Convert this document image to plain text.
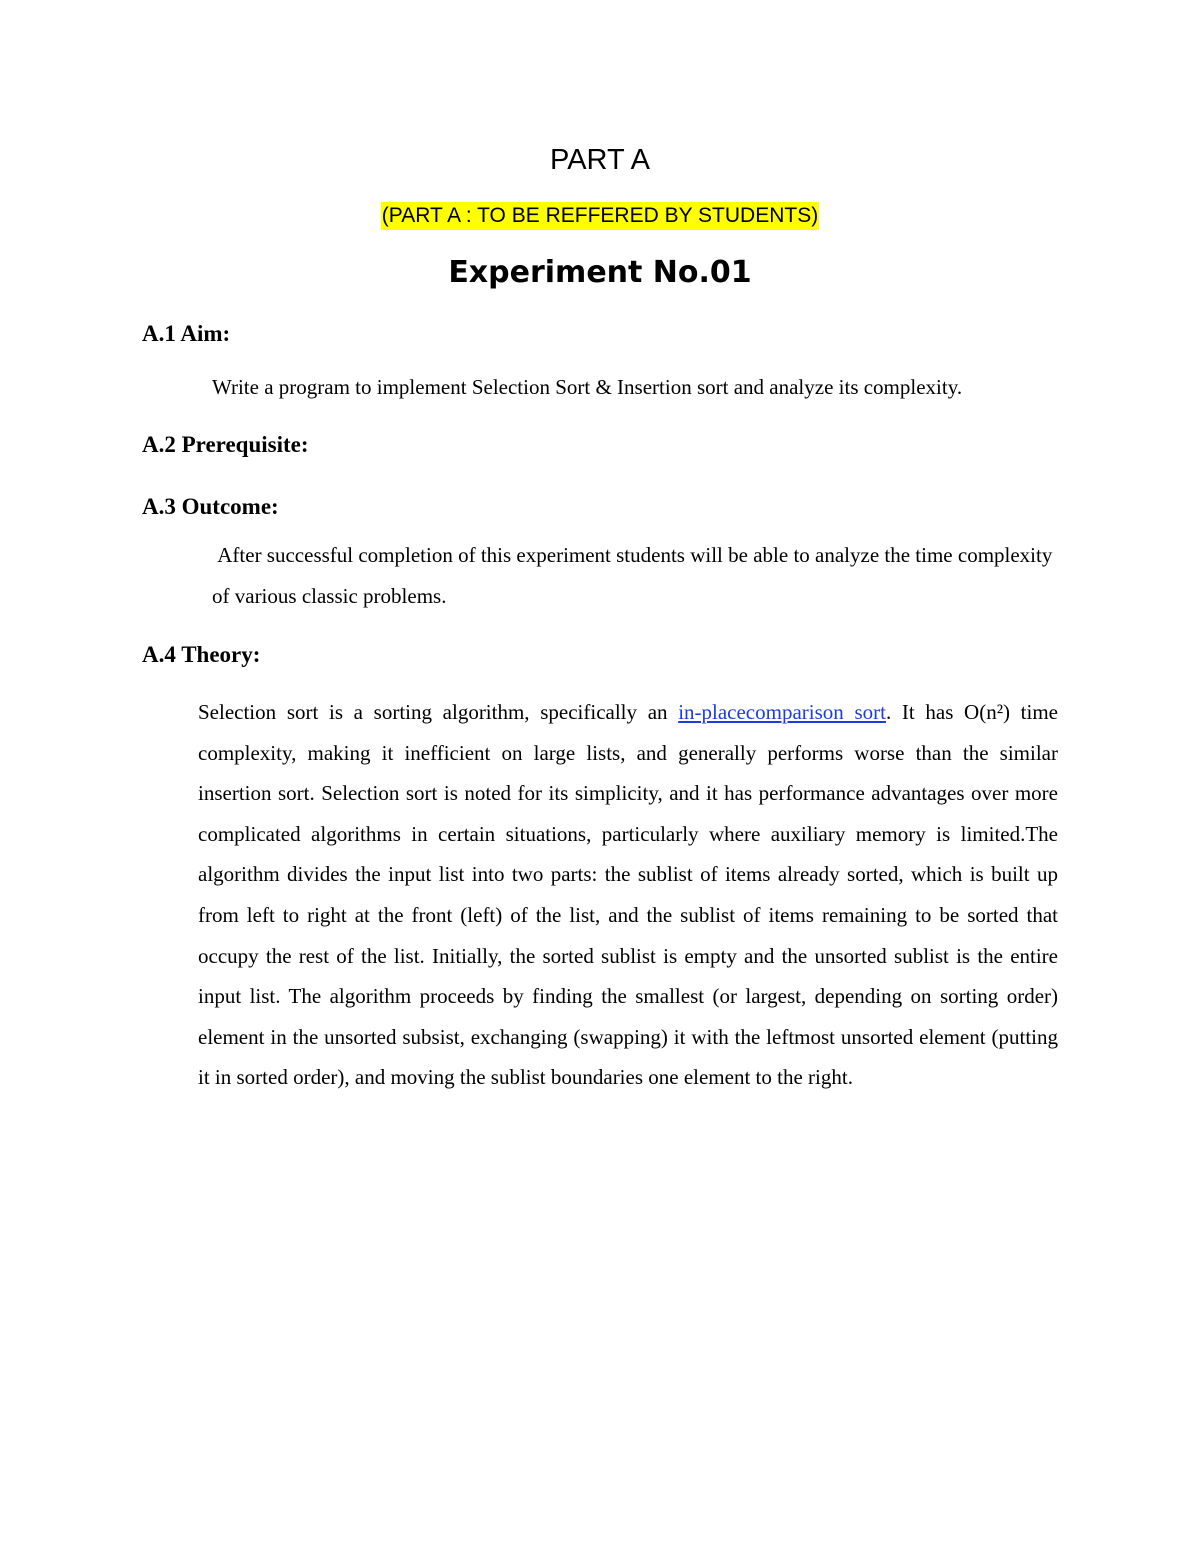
PART A
(PART A : TO BE REFFERED BY STUDENTS)
Experiment No.01
A.1 Aim:
Write a program to implement Selection Sort & Insertion sort and analyze its complexity.
A.2 Prerequisite:
A.3 Outcome:
After successful completion of this experiment students will be able to analyze the time complexity of various classic problems.
A.4 Theory:
Selection sort is a sorting algorithm, specifically an in-placecomparison sort. It has O(n²) time complexity, making it inefficient on large lists, and generally performs worse than the similar insertion sort. Selection sort is noted for its simplicity, and it has performance advantages over more complicated algorithms in certain situations, particularly where auxiliary memory is limited.The algorithm divides the input list into two parts: the sublist of items already sorted, which is built up from left to right at the front (left) of the list, and the sublist of items remaining to be sorted that occupy the rest of the list. Initially, the sorted sublist is empty and the unsorted sublist is the entire input list. The algorithm proceeds by finding the smallest (or largest, depending on sorting order) element in the unsorted subsist, exchanging (swapping) it with the leftmost unsorted element (putting it in sorted order), and moving the sublist boundaries one element to the right.
